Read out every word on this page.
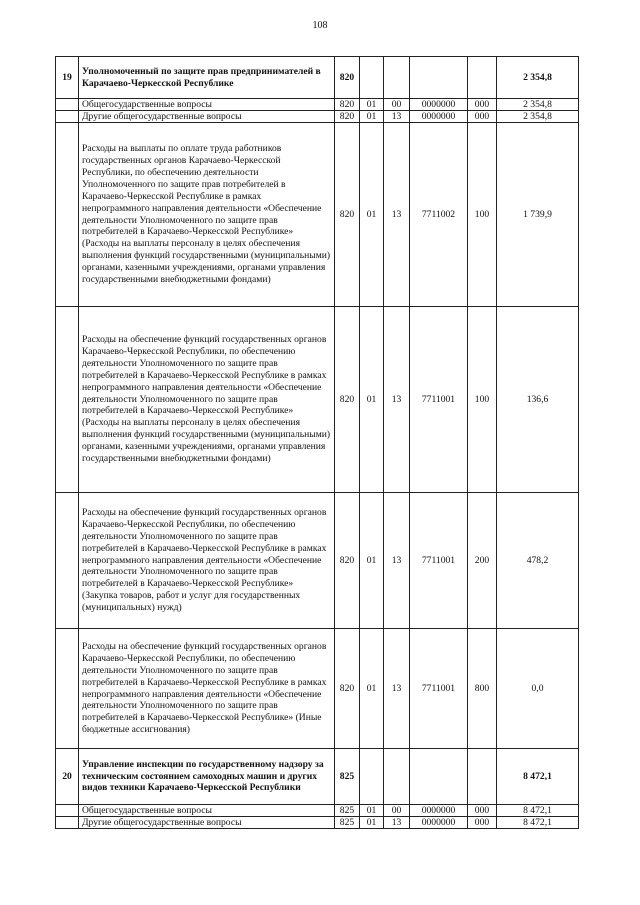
108
19	Уполномоченный по защите прав предпринимателей в Карачаево-Черкесской Республике	820					2 354,8
	Общегосударственные вопросы	820	01	00	0000000	000	2 354,8
	Другие общегосударственные вопросы	820	01	13	0000000	000	2 354,8
	Расходы на выплаты по оплате труда работников государственных органов Карачаево-Черкесской Республики, по обеспечению деятельности Уполномоченного по защите прав потребителей в Карачаево-Черкесской Республике в рамках непрограммного направления деятельности «Обеспечение деятельности Уполномоченного по защите прав потребителей в Карачаево-Черкесской Республике» (Расходы на выплаты персоналу в целях обеспечения выполнения функций государственными (муниципальными) органами, казенными учреждениями, органами управления государственными внебюджетными фондами)	820	01	13	7711002	100	1 739,9
	Расходы на обеспечение функций государственных органов Карачаево-Черкесской Республики, по обеспечению деятельности Уполномоченного по защите прав потребителей в Карачаево-Черкесской Республике в рамках непрограммного направления деятельности «Обеспечение деятельности Уполномоченного по защите прав потребителей в Карачаево-Черкесской Республике» (Расходы на выплаты персоналу в целях обеспечения выполнения функций государственными (муниципальными) органами, казенными учреждениями, органами управления государственными внебюджетными фондами)	820	01	13	7711001	100	136,6
	Расходы на обеспечение функций государственных органов Карачаево-Черкесской Республики, по обеспечению деятельности Уполномоченного по защите прав потребителей в Карачаево-Черкесской Республике в рамках непрограммного направления деятельности «Обеспечение деятельности Уполномоченного по защите прав потребителей в Карачаево-Черкесской Республике» (Закупка товаров, работ и услуг для государственных (муниципальных) нужд)	820	01	13	7711001	200	478,2
	Расходы на обеспечение функций государственных органов Карачаево-Черкесской Республики, по обеспечению деятельности Уполномоченного по защите прав потребителей в Карачаево-Черкесской Республике в рамках непрограммного направления деятельности «Обеспечение деятельности Уполномоченного по защите прав потребителей в Карачаево-Черкесской Республике» (Иные бюджетные ассигнования)	820	01	13	7711001	800	0,0
20	Управление инспекции по государственному надзору за техническим состоянием самоходных машин и других видов техники Карачаево-Черкесской Республики	825					8 472,1
	Общегосударственные вопросы	825	01	00	0000000	000	8 472,1
	Другие общегосударственные вопросы	825	01	13	0000000	000	8 472,1
